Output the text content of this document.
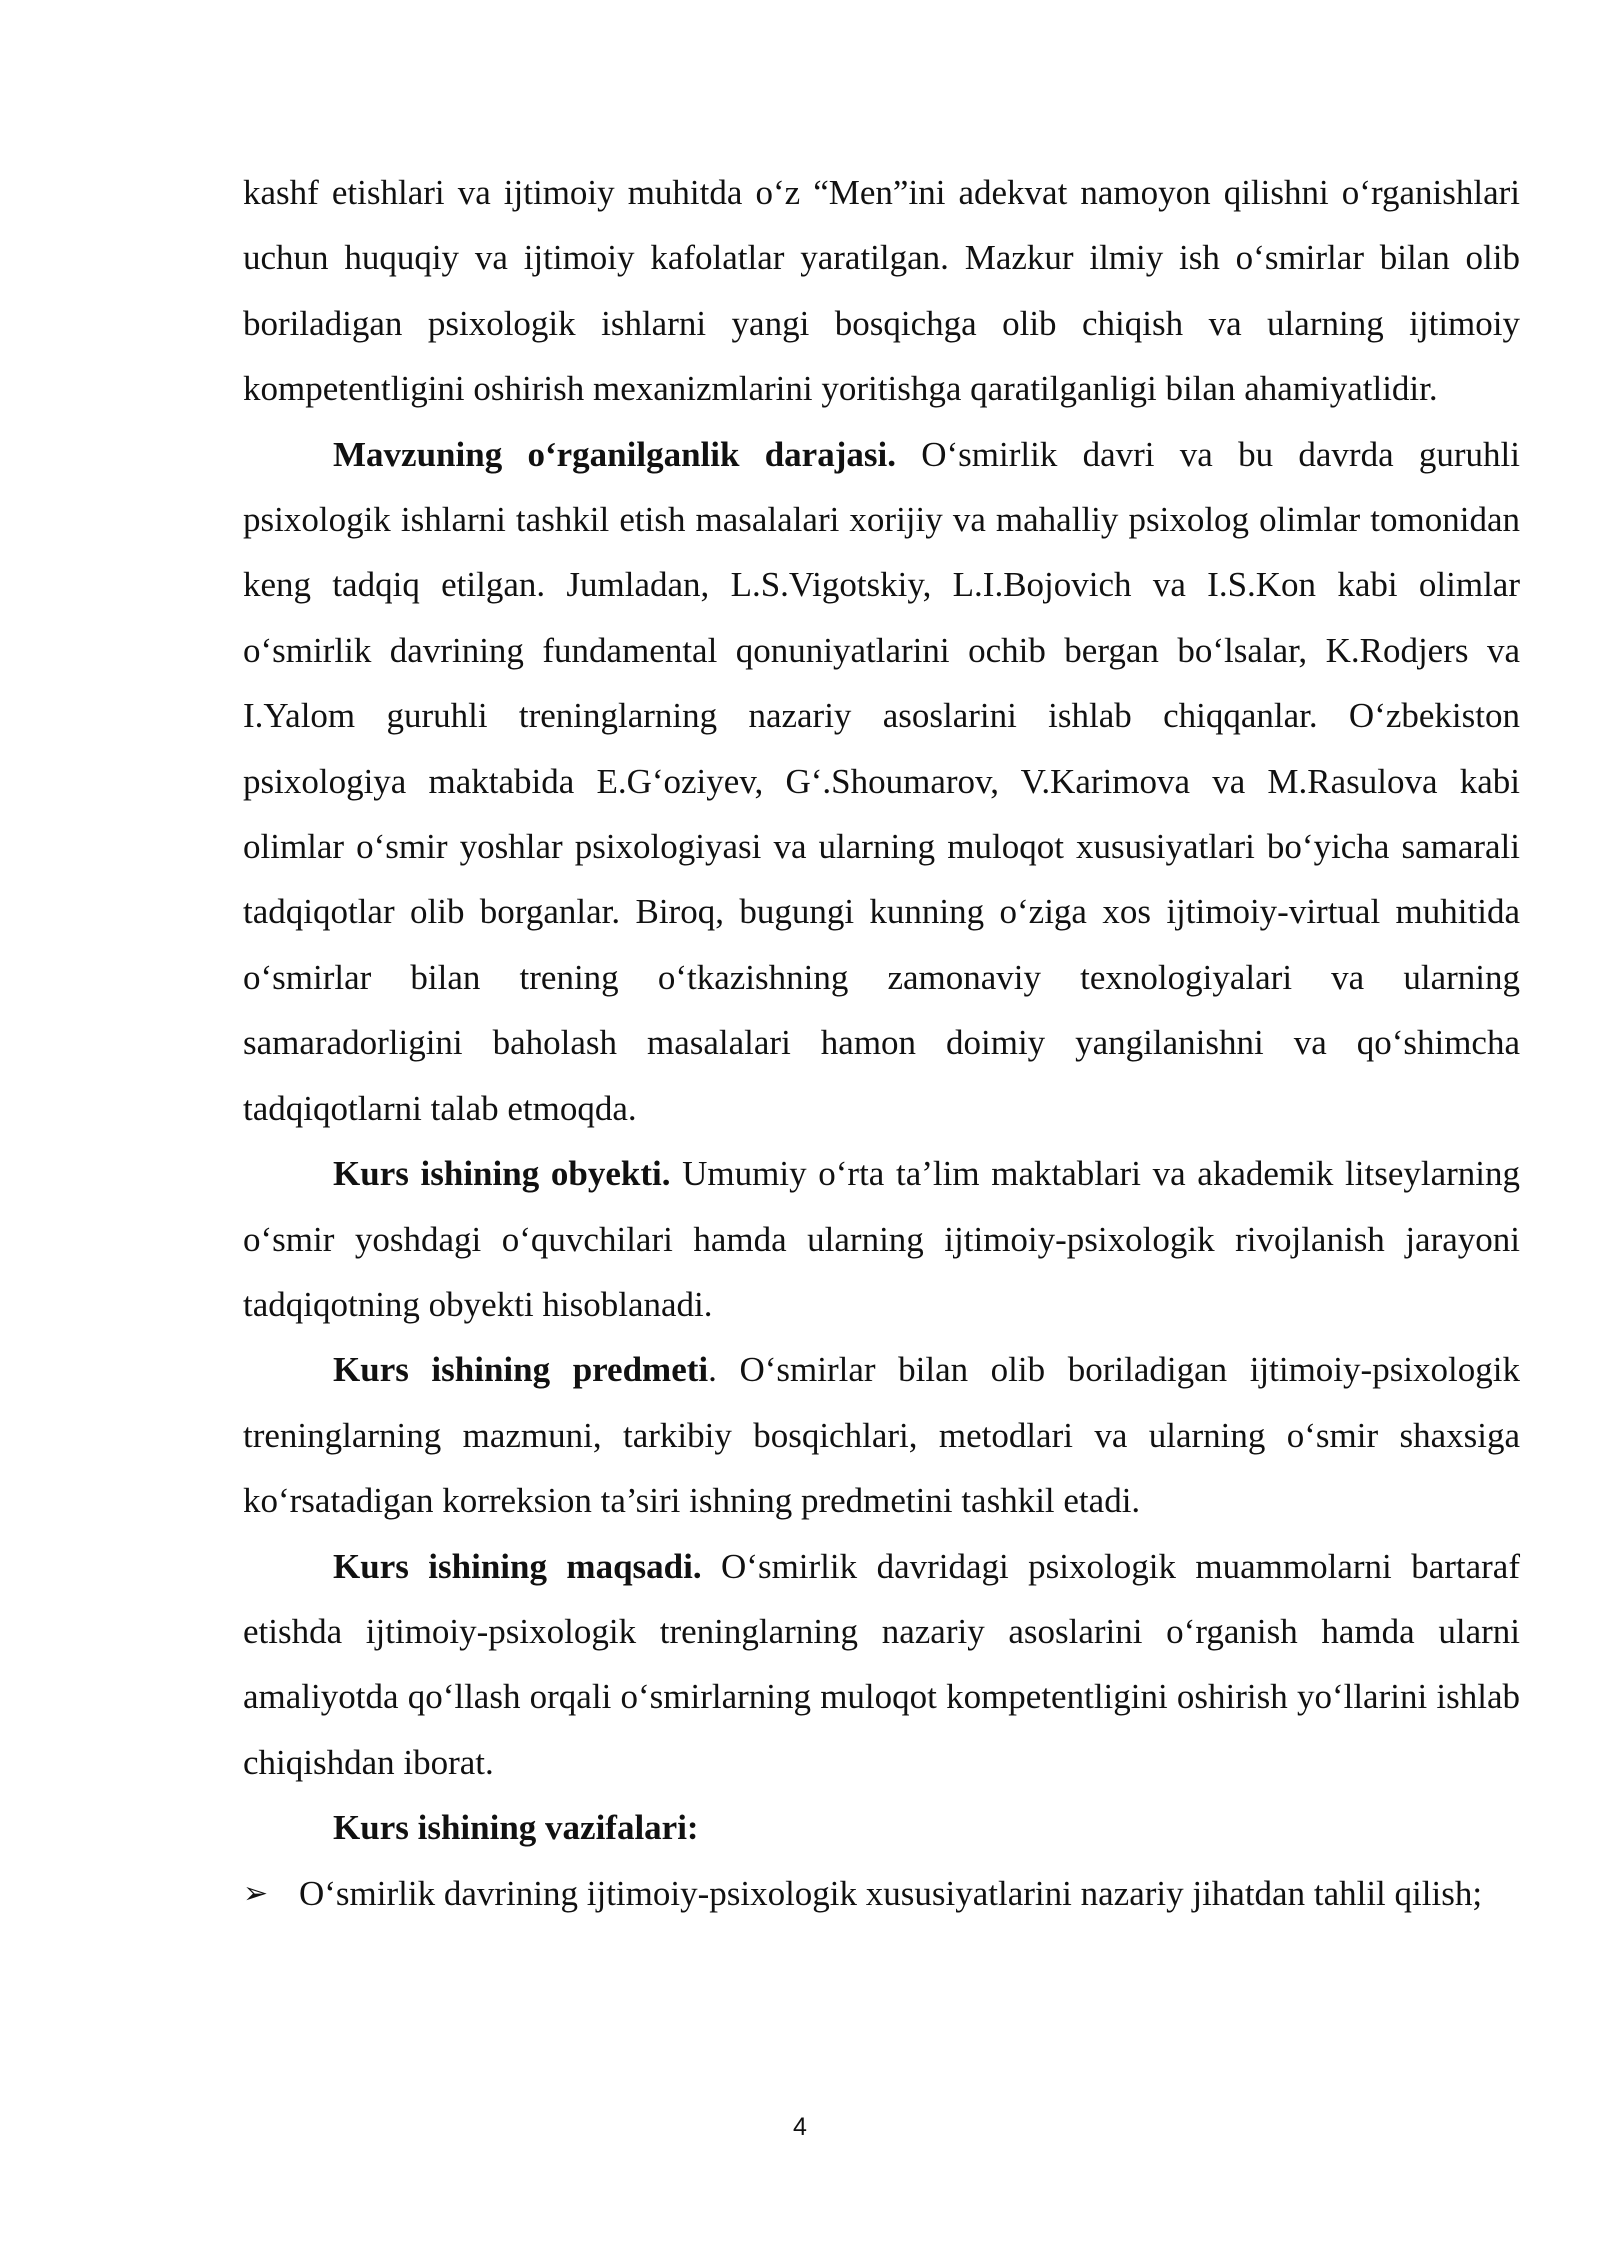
kashf etishlari va ijtimoiy muhitda o‘z “Men”ini adekvat namoyon qilishni o‘rganishlari uchun huquqiy va ijtimoiy kafolatlar yaratilgan. Mazkur ilmiy ish o‘smirlar bilan olib boriladigan psixologik ishlarni yangi bosqichga olib chiqish va ularning ijtimoiy kompetentligini oshirish mexanizmlarini yoritishga qaratilganligi bilan ahamiyatlidir.

Mavzuning o‘rganilganlik darajasi. O‘smirlik davri va bu davrda guruhli psixologik ishlarni tashkil etish masalalari xorijiy va mahalliy psixolog olimlar tomonidan keng tadqiq etilgan. Jumladan, L.S.Vigotskiy, L.I.Bojovich va I.S.Kon kabi olimlar o‘smirlik davrining fundamental qonuniyatlarini ochib bergan bo‘lsalar, K.Rodjers va I.Yalom guruhli treninglarning nazariy asoslarini ishlab chiqqanlar. O‘zbekiston psixologiya maktabida E.G‘oziyev, G‘.Shoumarov, V.Karimova va M.Rasulova kabi olimlar o‘smir yoshlar psixologiyasi va ularning muloqot xususiyatlari bo‘yicha samarali tadqiqotlar olib borganlar. Biroq, bugungi kunning o‘ziga xos ijtimoiy-virtual muhitida o‘smirlar bilan trening o‘tkazishning zamonaviy texnologiyalari va ularning samaradorligini baholash masalalari hamon doimiy yangilanishni va qo‘shimcha tadqiqotlarni talab etmoqda.

Kurs ishining obyekti. Umumiy o‘rta ta’lim maktablari va akademik litseylarning o‘smir yoshdagi o‘quvchilari hamda ularning ijtimoiy-psixologik rivojlanish jarayoni tadqiqotning obyekti hisoblanadi.

Kurs ishining predmeti. O‘smirlar bilan olib boriladigan ijtimoiy-psixologik treninglarning mazmuni, tarkibiy bosqichlari, metodlari va ularning o‘smir shaxsiga ko‘rsatadigan korreksion ta’siri ishning predmetini tashkil etadi.

Kurs ishining maqsadi. O‘smirlik davridagi psixologik muammolarni bartaraf etishda ijtimoiy-psixologik treninglarning nazariy asoslarini o‘rganish hamda ularni amaliyotda qo‘llash orqali o‘smirlarning muloqot kompetentligini oshirish yo‘llarini ishlab chiqishdan iborat.

Kurs ishining vazifalari:

➢ O‘smirlik davrining ijtimoiy-psixologik xususiyatlarini nazariy jihatdan tahlil qilish;
4
